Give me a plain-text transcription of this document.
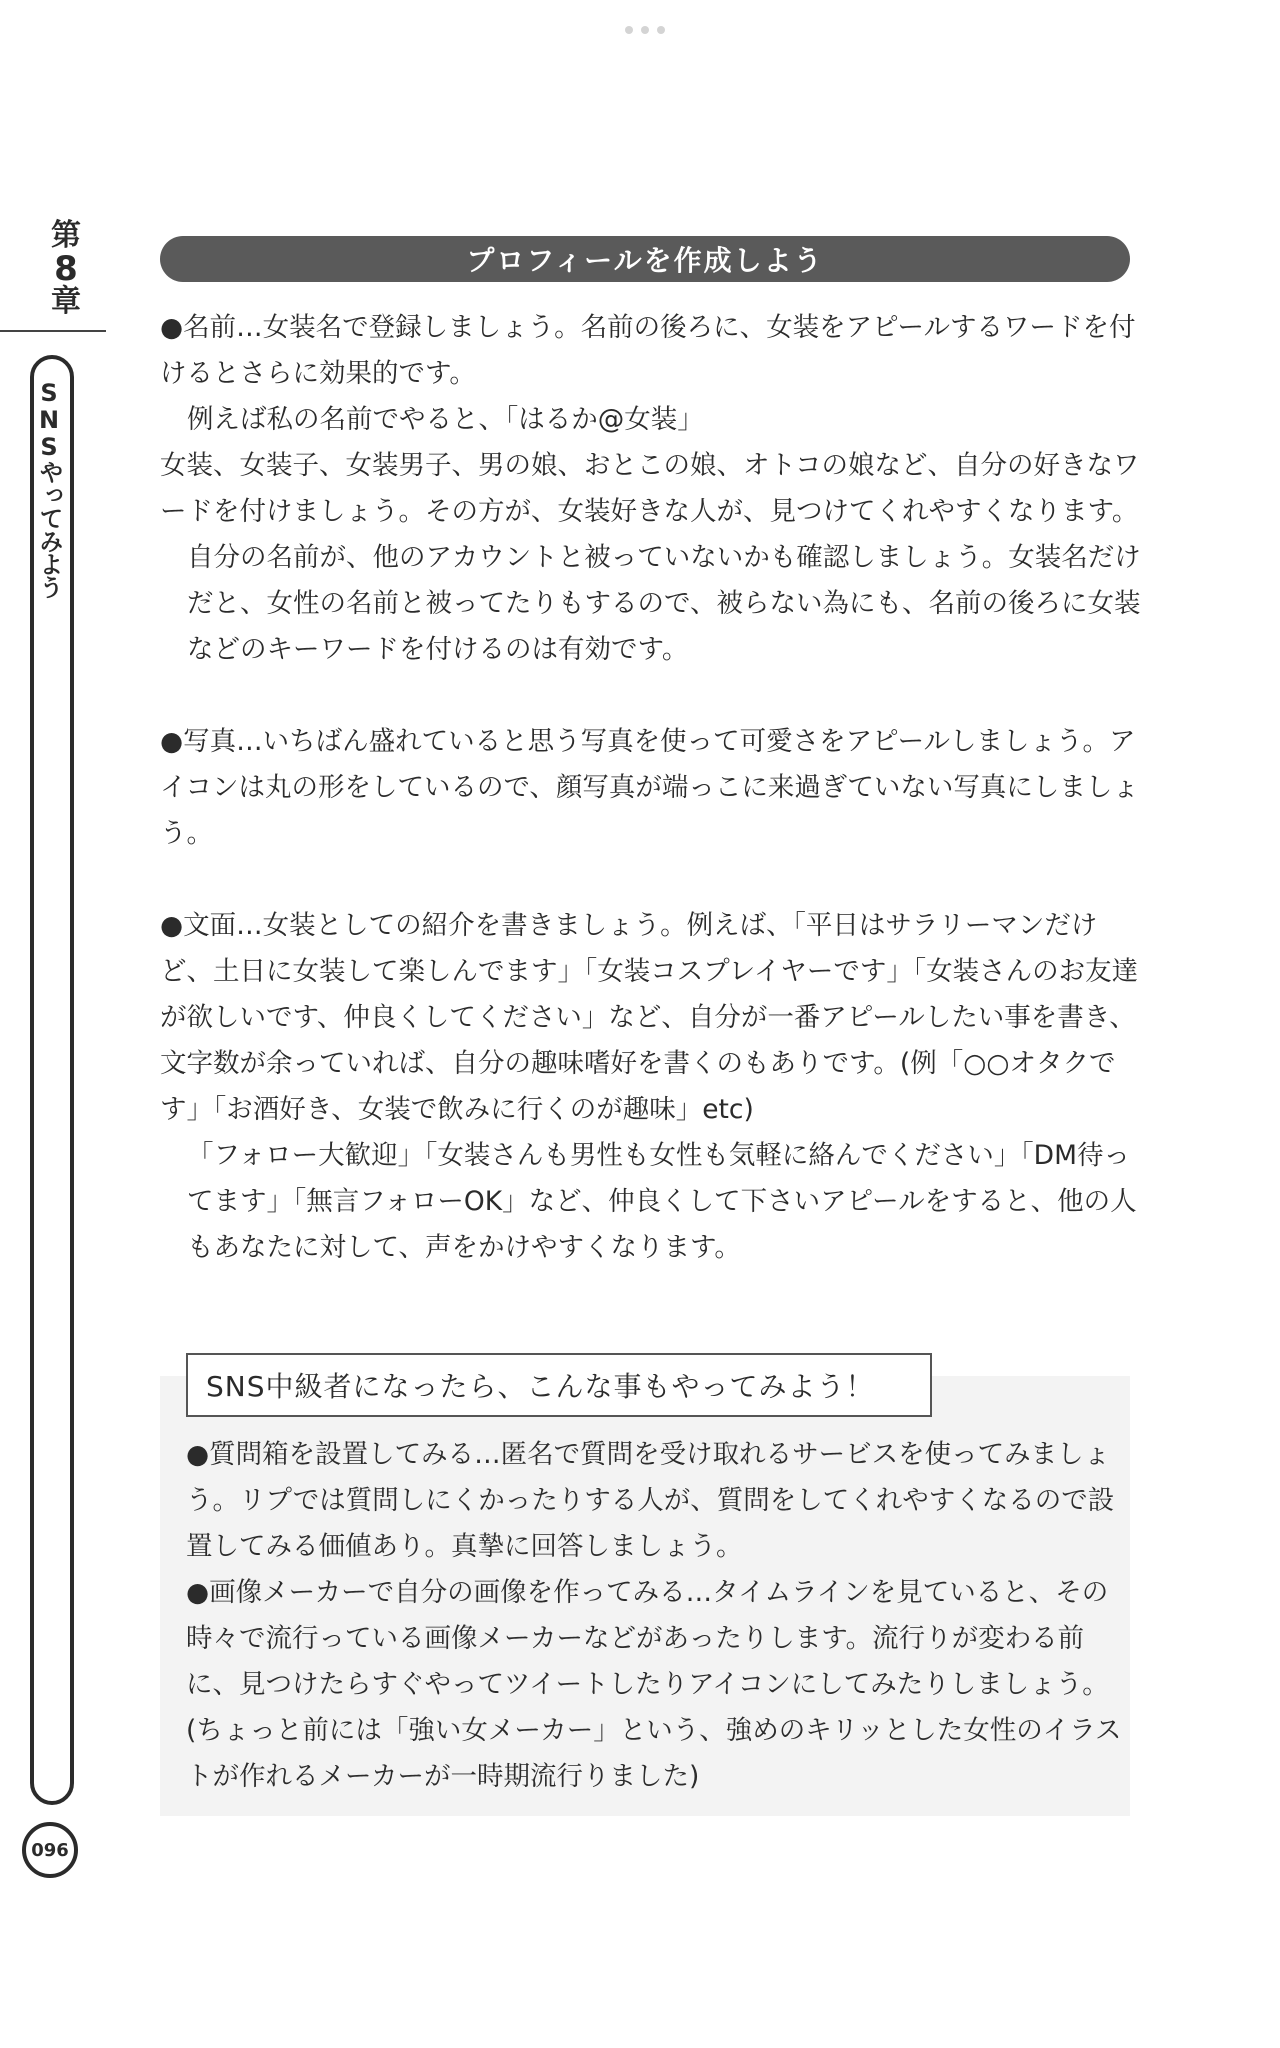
第
8
章
SNSやってみよう
096
プロフィールを作成しよう

●名前…女装名で登録しましょう。名前の後ろに、女装をアピールするワードを付けるとさらに効果的です。

例えば私の名前でやると、「はるか@女装」

女装、女装子、女装男子、男の娘、おとこの娘、オトコの娘など、自分の好きなワードを付けましょう。その方が、女装好きな人が、見つけてくれやすくなります。

自分の名前が、他のアカウントと被っていないかも確認しましょう。女装名だけだと、女性の名前と被ってたりもするので、被らない為にも、名前の後ろに女装などのキーワードを付けるのは有効です。

●写真…いちばん盛れていると思う写真を使って可愛さをアピールしましょう。アイコンは丸の形をしているので、顔写真が端っこに来過ぎていない写真にしましょう。

●文面…女装としての紹介を書きましょう。例えば、「平日はサラリーマンだけど、土日に女装して楽しんでます」「女装コスプレイヤーです」「女装さんのお友達が欲しいです、仲良くしてください」など、自分が一番アピールしたい事を書き、文字数が余っていれば、自分の趣味嗜好を書くのもありです。(例「○○オタクです」「お酒好き、女装で飲みに行くのが趣味」etc)

「フォロー大歓迎」「女装さんも男性も女性も気軽に絡んでください」「DM待ってます」「無言フォローOK」など、仲良くして下さいアピールをすると、他の人もあなたに対して、声をかけやすくなります。

SNS中級者になったら、こんな事もやってみよう！

●質問箱を設置してみる…匿名で質問を受け取れるサービスを使ってみましょう。リプでは質問しにくかったりする人が、質問をしてくれやすくなるので設置してみる価値あり。真摯に回答しましょう。

●画像メーカーで自分の画像を作ってみる…タイムラインを見ていると、その時々で流行っている画像メーカーなどがあったりします。流行りが変わる前に、見つけたらすぐやってツイートしたりアイコンにしてみたりしましょう。(ちょっと前には「強い女メーカー」という、強めのキリッとした女性のイラストが作れるメーカーが一時期流行りました)
